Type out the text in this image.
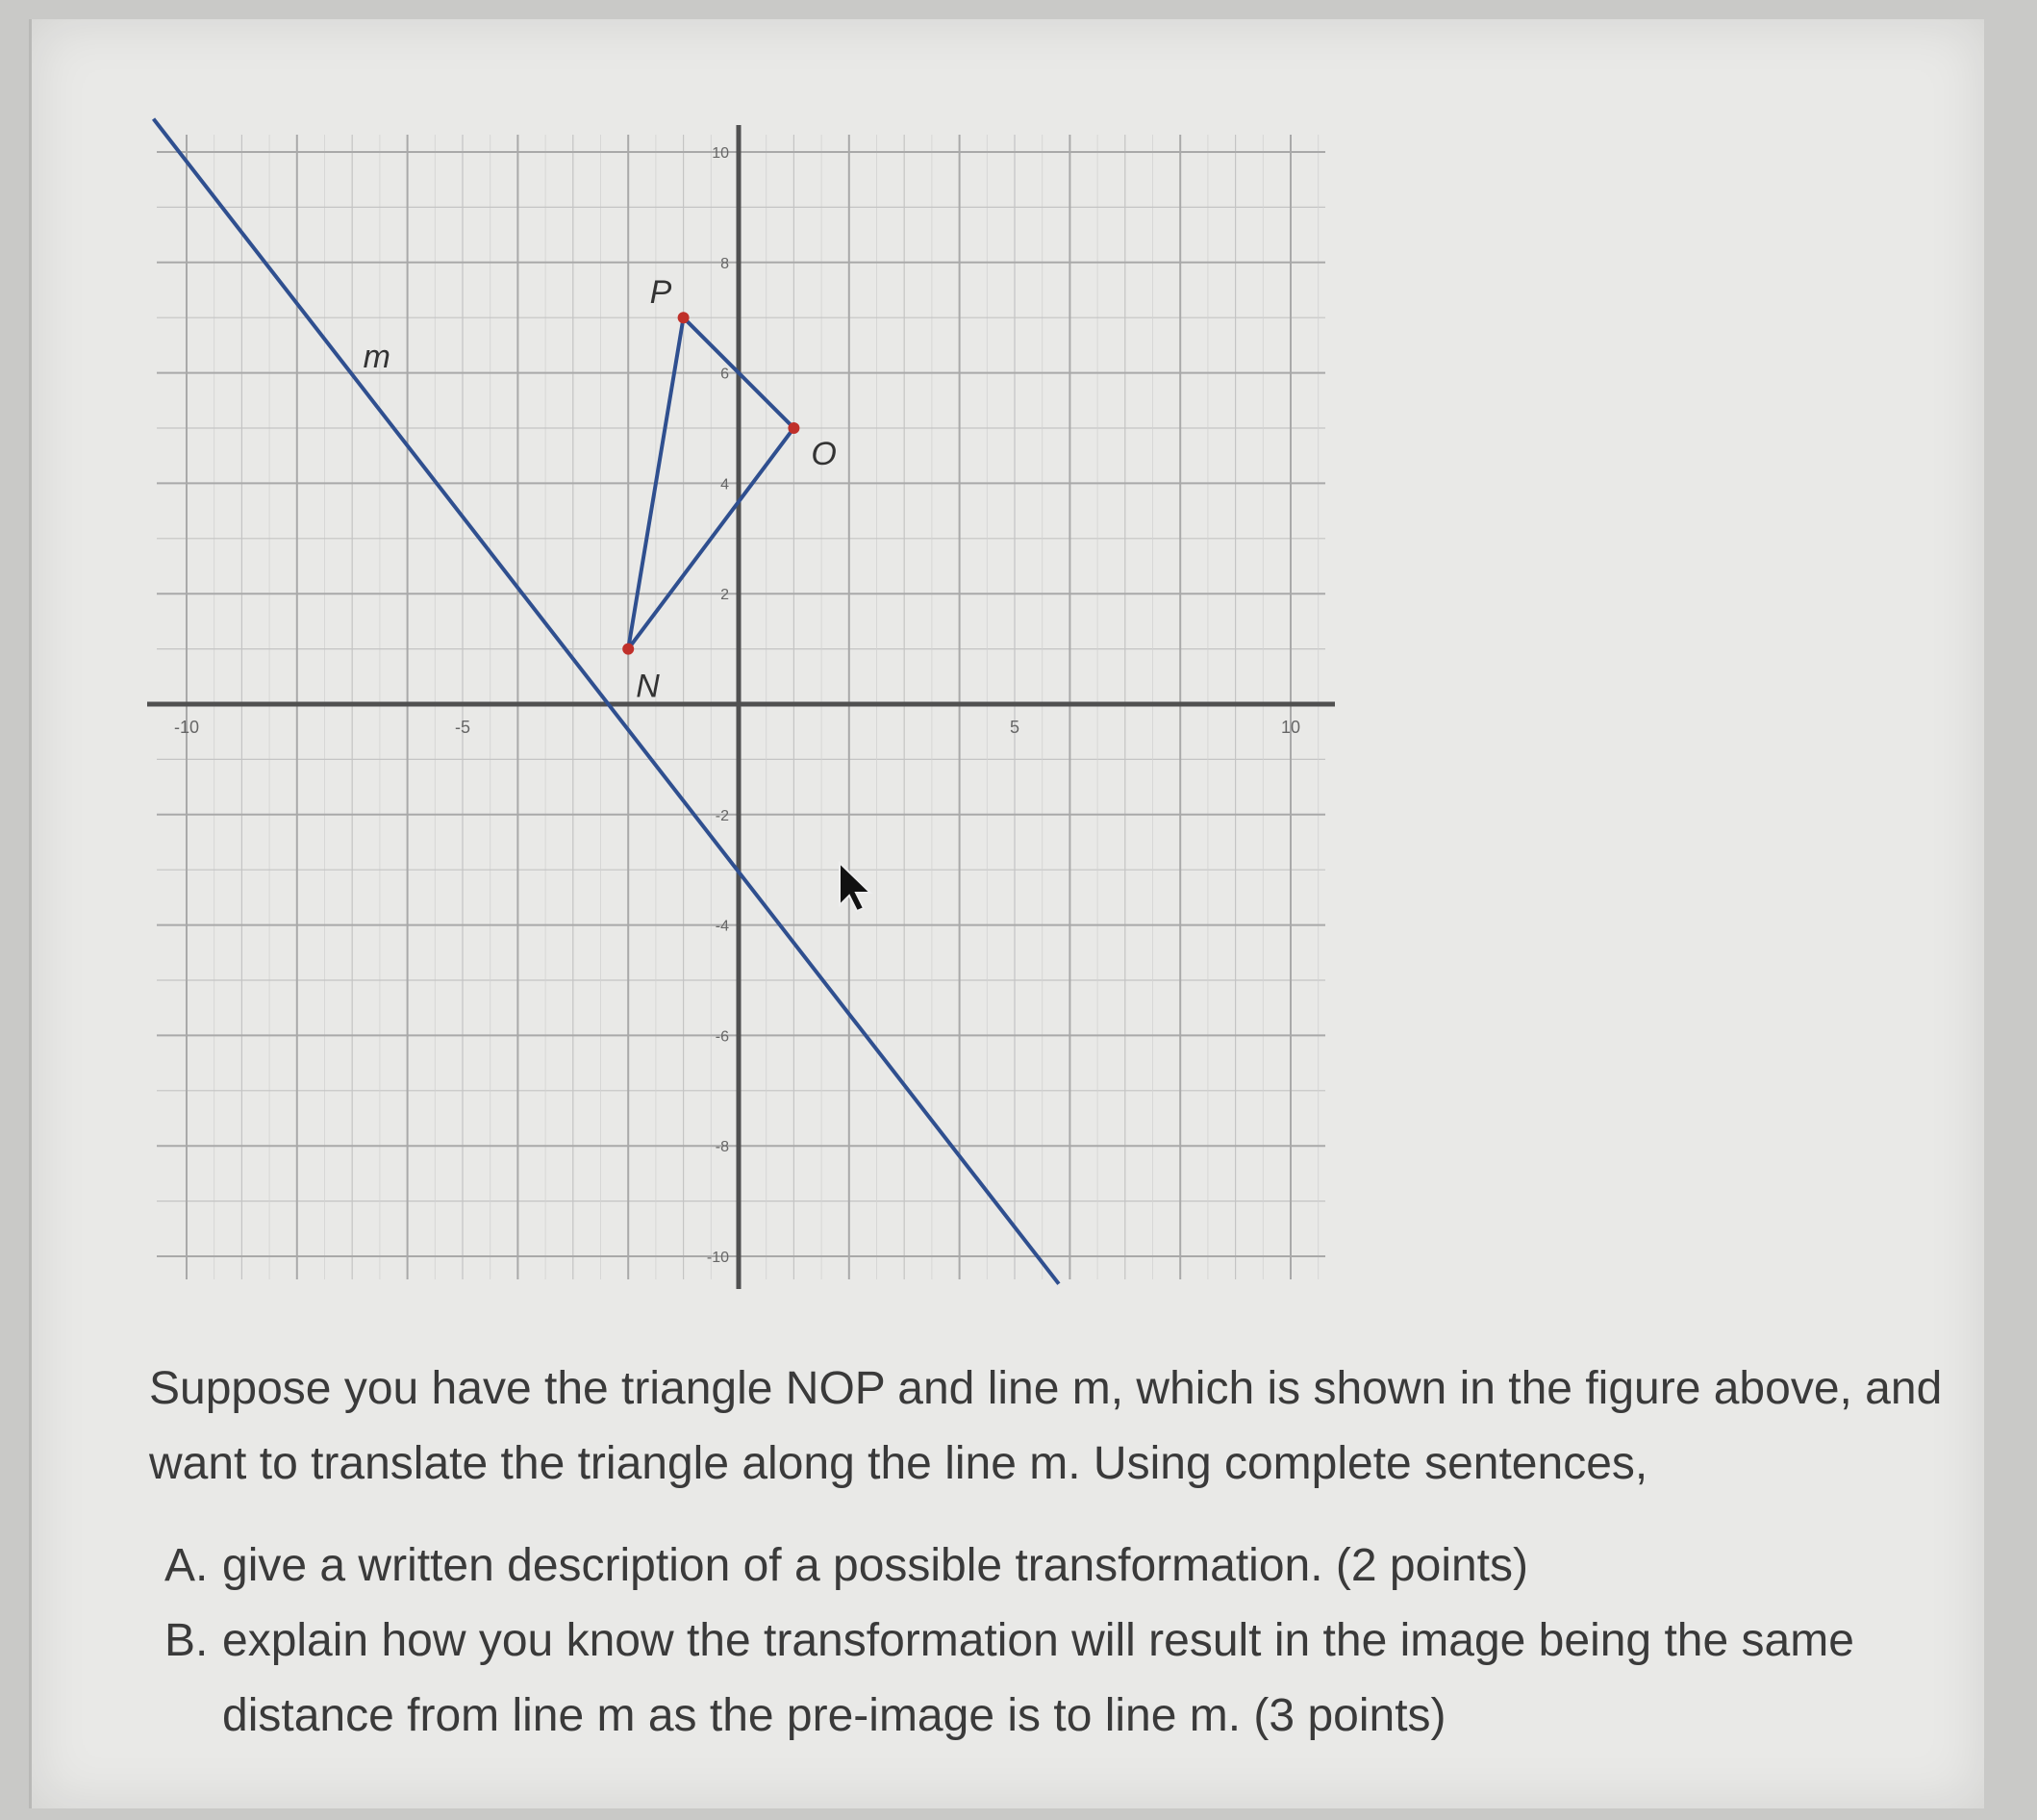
-10	-5	5	10
10
8
6
4
2
-2
-4
-6
-8
-10
m
P
O
N

Suppose you have the triangle NOP and line m, which is shown in the figure above, and

want to translate the triangle along the line m. Using complete sentences,

A. give a written description of a possible transformation. (2 points)
B. explain how you know the transformation will result in the image being the same distance from line m as the pre-image is to line m. (3 points)
